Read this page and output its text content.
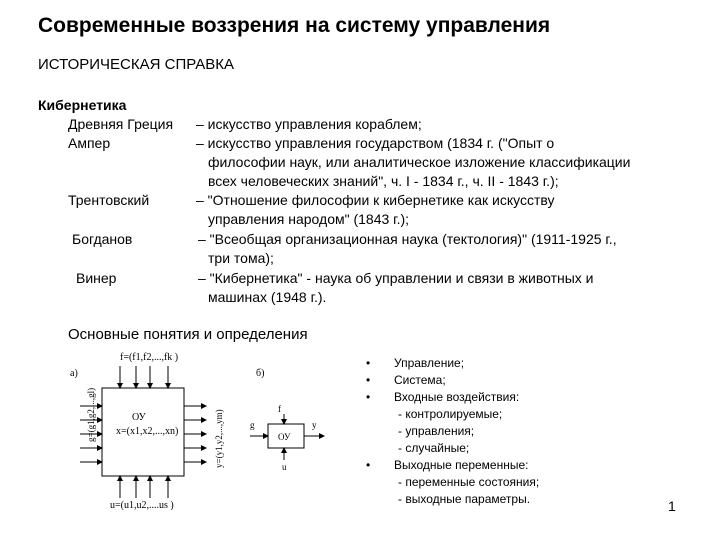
Современные воззрения на систему управления
ИСТОРИЧЕСКАЯ СПРАВКА
Кибернетика
Древняя Греция – искусство управления кораблем;
Ампер	– искусство управления государством (1834 г. ("Опыт о
философии наук, или аналитическое изложение классификации
всех человеческих знаний", ч. I - 1834 г., ч. II - 1843 г.);
Трентовский	– "Отношение философии к кибернетике как искусству
управления народом" (1843 г.);
Богданов	– "Всеобщая организационная наука (тектология)" (1911-1925 г.,
три тома);
Винер	– "Кибернетика" - наука об управлении и связи в животных и
машинах (1948 г.).
Основные понятия и определения
а)
f=(f1,f2,...,fk )
ОУ
x=(x1,x2,...,xn)
g=(g1,g2,...,gl)	y=(y1,y2,...,ym)
u=(u1,u2,....us )
б)
f
ОУ
g	y
u
• Управление;
• Система;
• Входные воздействия:
- контролируемые;
- управления;
- случайные;
• Выходные переменные:
- переменные состояния;
- выходные параметры.	1
